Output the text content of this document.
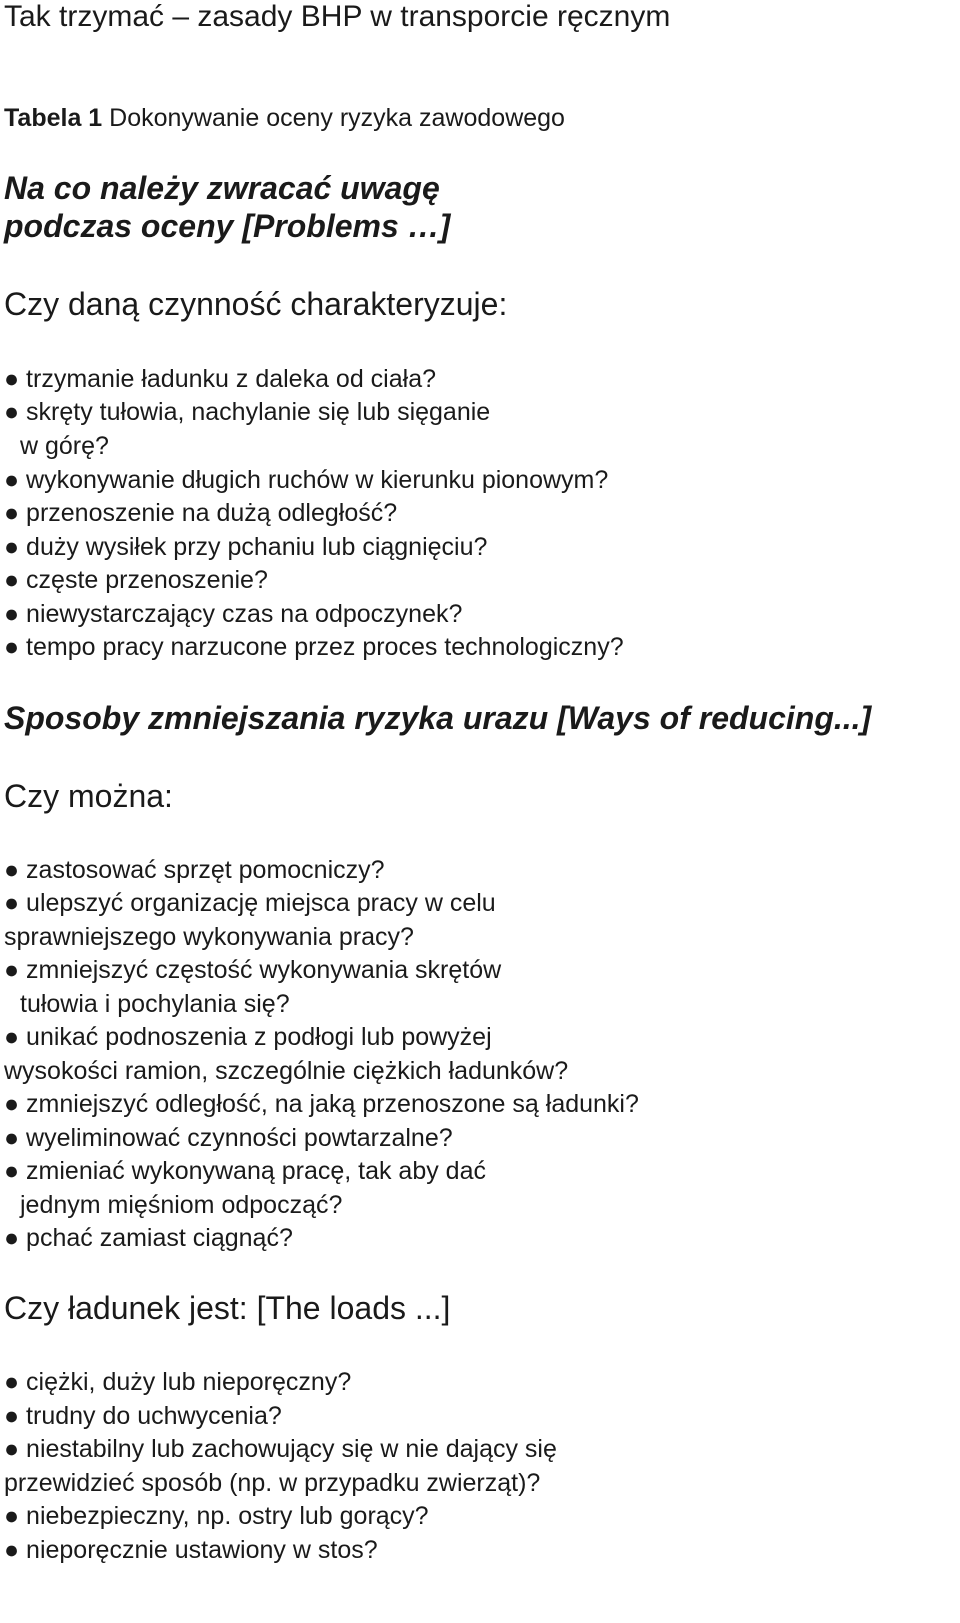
Tak trzymać – zasady BHP w transporcie ręcznym

Tabela 1 Dokonywanie oceny ryzyka zawodowego

Na co należy zwracać uwagę

podczas oceny [Problems …]

Czy daną czynność charakteryzuje:

● trzymanie ładunku z daleka od ciała?

● skręty tułowia, nachylanie się lub sięganie

w górę?

● wykonywanie długich ruchów w kierunku pionowym?

● przenoszenie na dużą odległość?

● duży wysiłek przy pchaniu lub ciągnięciu?

● częste przenoszenie?

● niewystarczający czas na odpoczynek?

● tempo pracy narzucone przez proces technologiczny?

Sposoby zmniejszania ryzyka urazu [Ways of reducing...]

Czy można:

● zastosować sprzęt pomocniczy?

● ulepszyć organizację miejsca pracy w celu

sprawniejszego wykonywania pracy?

● zmniejszyć częstość wykonywania skrętów

tułowia i pochylania się?

● unikać podnoszenia z podłogi lub powyżej

wysokości ramion, szczególnie ciężkich ładunków?

● zmniejszyć odległość, na jaką przenoszone są ładunki?

● wyeliminować czynności powtarzalne?

● zmieniać wykonywaną pracę, tak aby dać

jednym mięśniom odpocząć?

● pchać zamiast ciągnąć?

Czy ładunek jest: [The loads ...]

● ciężki, duży lub nieporęczny?

● trudny do uchwycenia?

● niestabilny lub zachowujący się w nie dający się

przewidzieć sposób (np. w przypadku zwierząt)?

● niebezpieczny, np. ostry lub gorący?

● nieporęcznie ustawiony w stos?
